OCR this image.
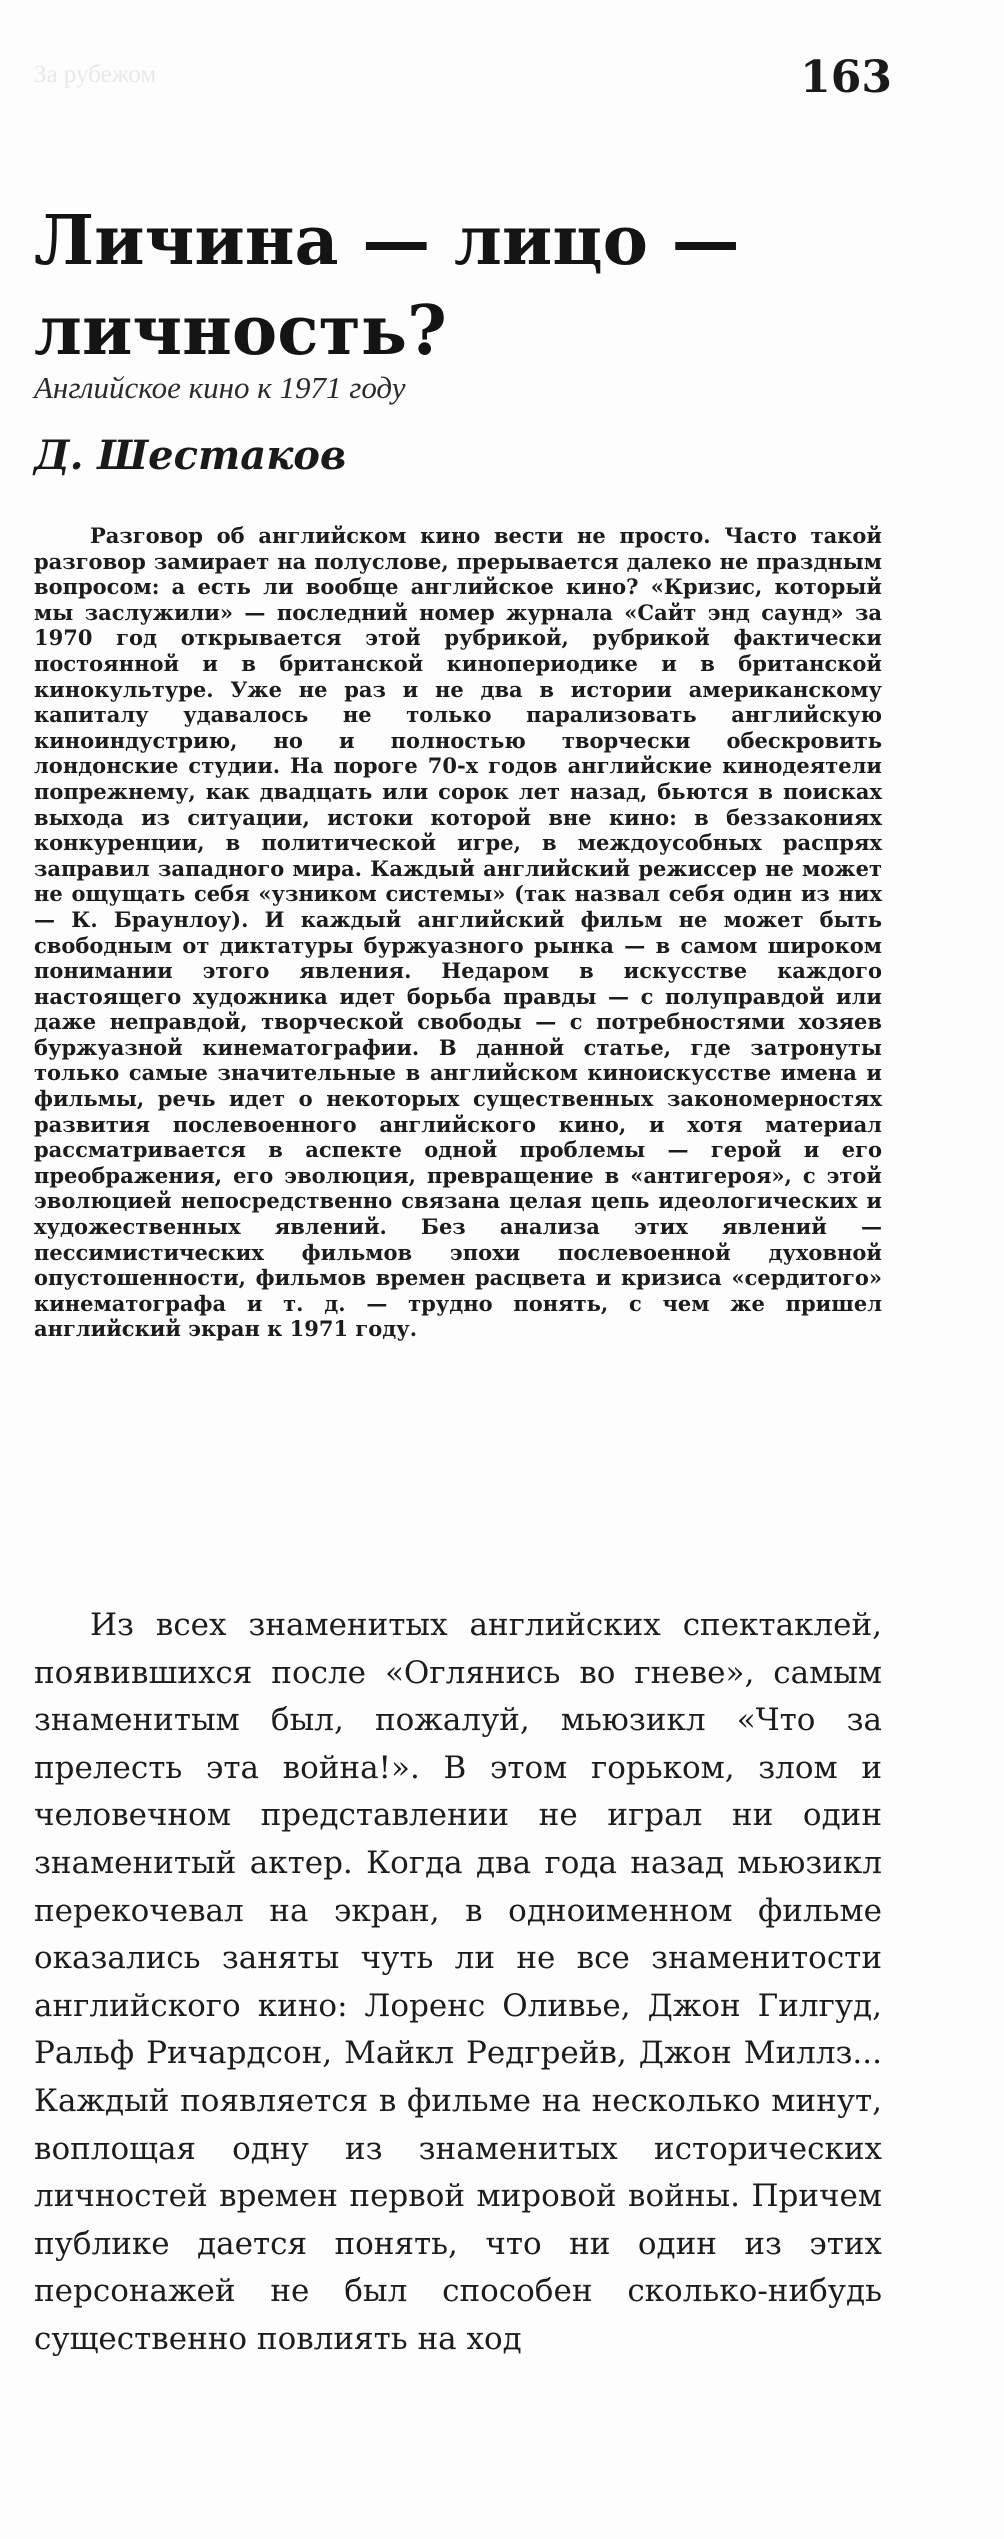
За рубежом	163
Личина — лицо — личность?
Английское кино к 1971 году
Д. Шестаков

Разговор об английском кино вести не просто. Часто такой разговор замирает на полуслове, прерывается далеко не праздным вопросом: а есть ли вообще английское кино? «Кризис, который мы заслужили» — последний номер журнала «Сайт энд саунд» за 1970 год открывается этой рубрикой, рубрикой фактически постоянной и в британской кинопериодике и в британской кинокультуре. Уже не раз и не два в истории американскому капиталу удавалось не только парализовать английскую киноиндустрию, но и полностью творчески обескровить лондонские студии. На пороге 70-х годов английские кинодеятели попрежнему, как двадцать или сорок лет назад, бьются в поисках выхода из ситуации, истоки которой вне кино: в беззакониях конкуренции, в политической игре, в междоусобных распрях заправил западного мира. Каждый английский режиссер не может не ощущать себя «узником системы» (так назвал себя один из них — К. Браунлоу). И каждый английский фильм не может быть свободным от диктатуры буржуазного рынка — в самом широком понимании этого явления. Недаром в искусстве каждого настоящего художника идет борьба правды — с полуправдой или даже неправдой, творческой свободы — с потребностями хозяев буржуазной кинематографии. В данной статье, где затронуты только самые значительные в английском киноискусстве имена и фильмы, речь идет о некоторых существенных закономерностях развития послевоенного английского кино, и хотя материал рассматривается в аспекте одной проблемы — герой и его преображения, его эволюция, превращение в «антигероя», с этой эволюцией непосредственно связана целая цепь идеологических и художественных явлений. Без анализа этих явлений — пессимистических фильмов эпохи послевоенной духовной опустошенности, фильмов времен расцвета и кризиса «сердитого» кинематографа и т. д. — трудно понять, с чем же пришел английский экран к 1971 году.

Из всех знаменитых английских спектаклей, появившихся после «Оглянись во гневе», самым знаменитым был, пожалуй, мьюзикл «Что за прелесть эта война!». В этом горьком, злом и человечном представлении не играл ни один знаменитый актер. Когда два года назад мьюзикл перекочевал на экран, в одноименном фильме оказались заняты чуть ли не все знаменитости английского кино: Лоренс Оливье, Джон Гилгуд, Ральф Ричардсон, Майкл Редгрейв, Джон Миллз... Каждый появляется в фильме на несколько минут, воплощая одну из знаменитых исторических личностей времен первой мировой войны. Причем публике дается понять, что ни один из этих персонажей не был способен сколько-нибудь существенно повлиять на ход
